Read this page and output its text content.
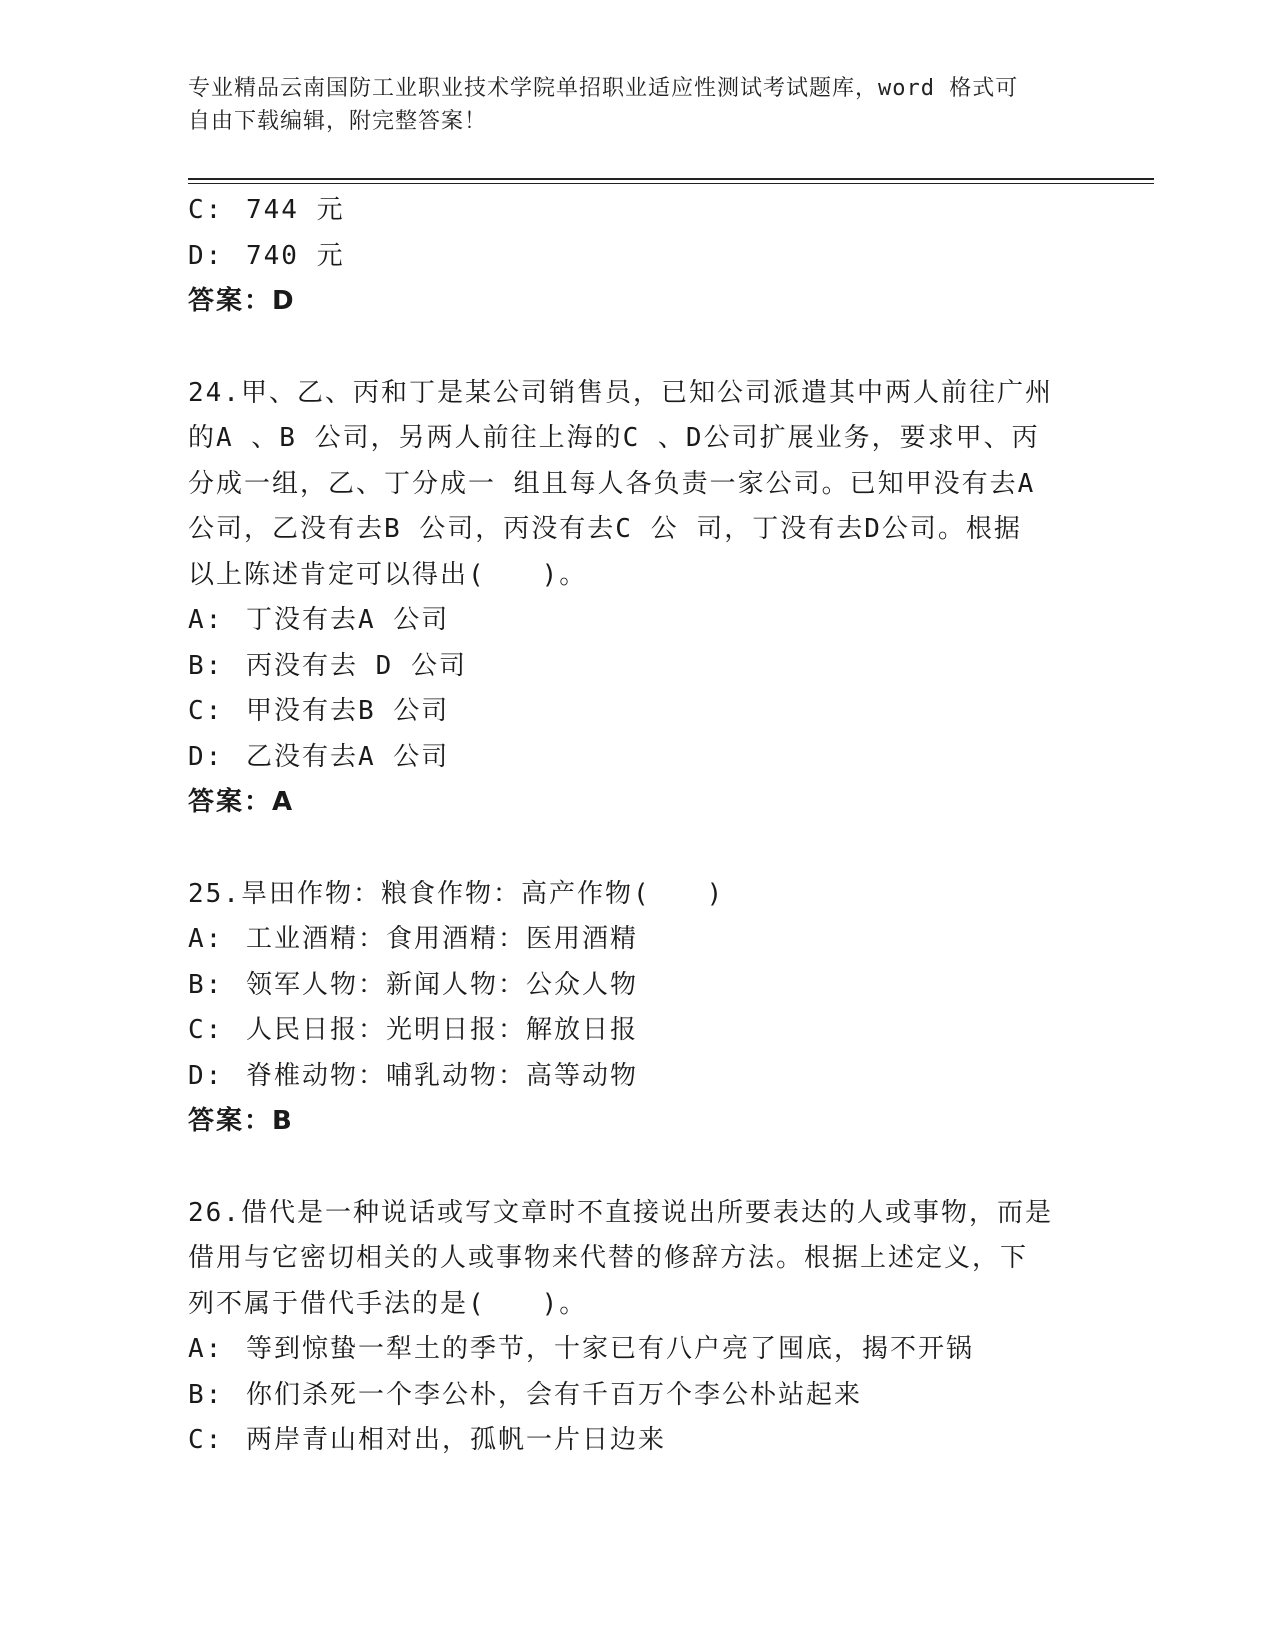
专业精品云南国防工业职业技术学院单招职业适应性测试考试题库，word 格式可
自由下载编辑，附完整答案！
C: 744 元
D: 740 元
答案：D
24.甲、乙、丙和丁是某公司销售员，已知公司派遣其中两人前往广州
的A 、B 公司，另两人前往上海的C 、D公司扩展业务，要求甲、丙
分成一组，乙、丁分成一 组且每人各负责一家公司。已知甲没有去A
公司，乙没有去B 公司，丙没有去C 公 司，丁没有去D公司。根据
以上陈述肯定可以得出(　　)。
A: 丁没有去A 公司
B: 丙没有去 D 公司
C: 甲没有去B 公司
D: 乙没有去A 公司
答案：A
25.旱田作物：粮食作物：高产作物(　　)
A: 工业酒精：食用酒精：医用酒精
B: 领军人物：新闻人物：公众人物
C: 人民日报：光明日报：解放日报
D: 脊椎动物：哺乳动物：高等动物
答案：B
26.借代是一种说话或写文章时不直接说出所要表达的人或事物，而是
借用与它密切相关的人或事物来代替的修辞方法。根据上述定义，下
列不属于借代手法的是(　　)。
A: 等到惊蛰一犁土的季节，十家已有八户亮了囤底，揭不开锅
B: 你们杀死一个李公朴，会有千百万个李公朴站起来
C: 两岸青山相对出，孤帆一片日边来
